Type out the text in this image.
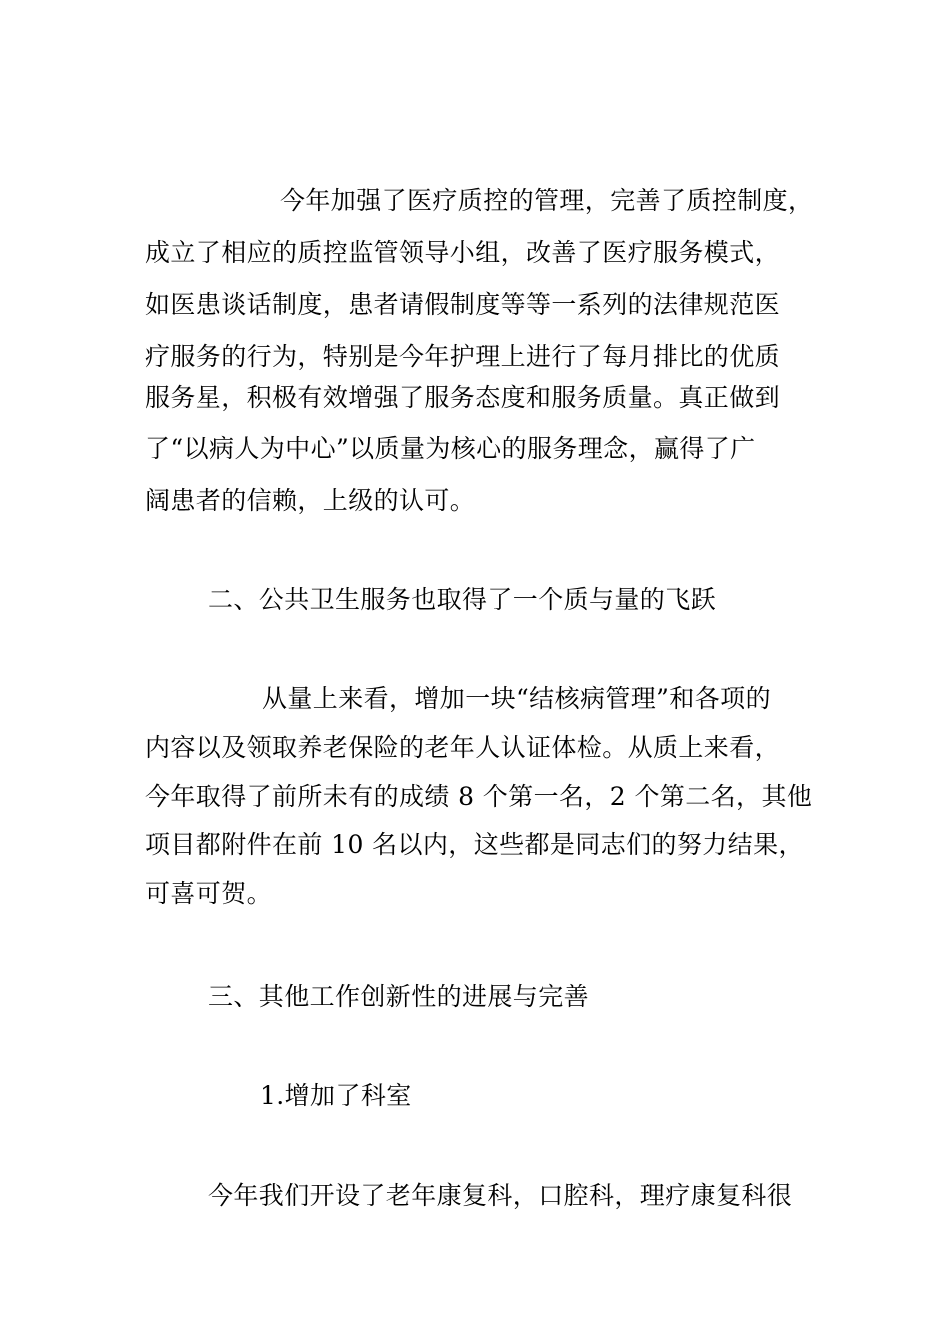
今年加强了医疗质控的管理，完善了质控制度，
成立了相应的质控监管领导小组，改善了医疗服务模式，
如医患谈话制度，患者请假制度等等一系列的法律规范医
疗服务的行为，特别是今年护理上进行了每月排比的优质
服务星，积极有效增强了服务态度和服务质量。真正做到
了“以病人为中心”以质量为核心的服务理念，赢得了广
阔患者的信赖，上级的认可。
二、公共卫生服务也取得了一个质与量的飞跃
从量上来看，增加一块“结核病管理”和各项的
内容以及领取养老保险的老年人认证体检。从质上来看，
今年取得了前所未有的成绩 8 个第一名，2 个第二名，其他
项目都附件在前 10 名以内，这些都是同志们的努力结果，
可喜可贺。
三、其他工作创新性的进展与完善
1.增加了科室
今年我们开设了老年康复科，口腔科，理疗康复科很
